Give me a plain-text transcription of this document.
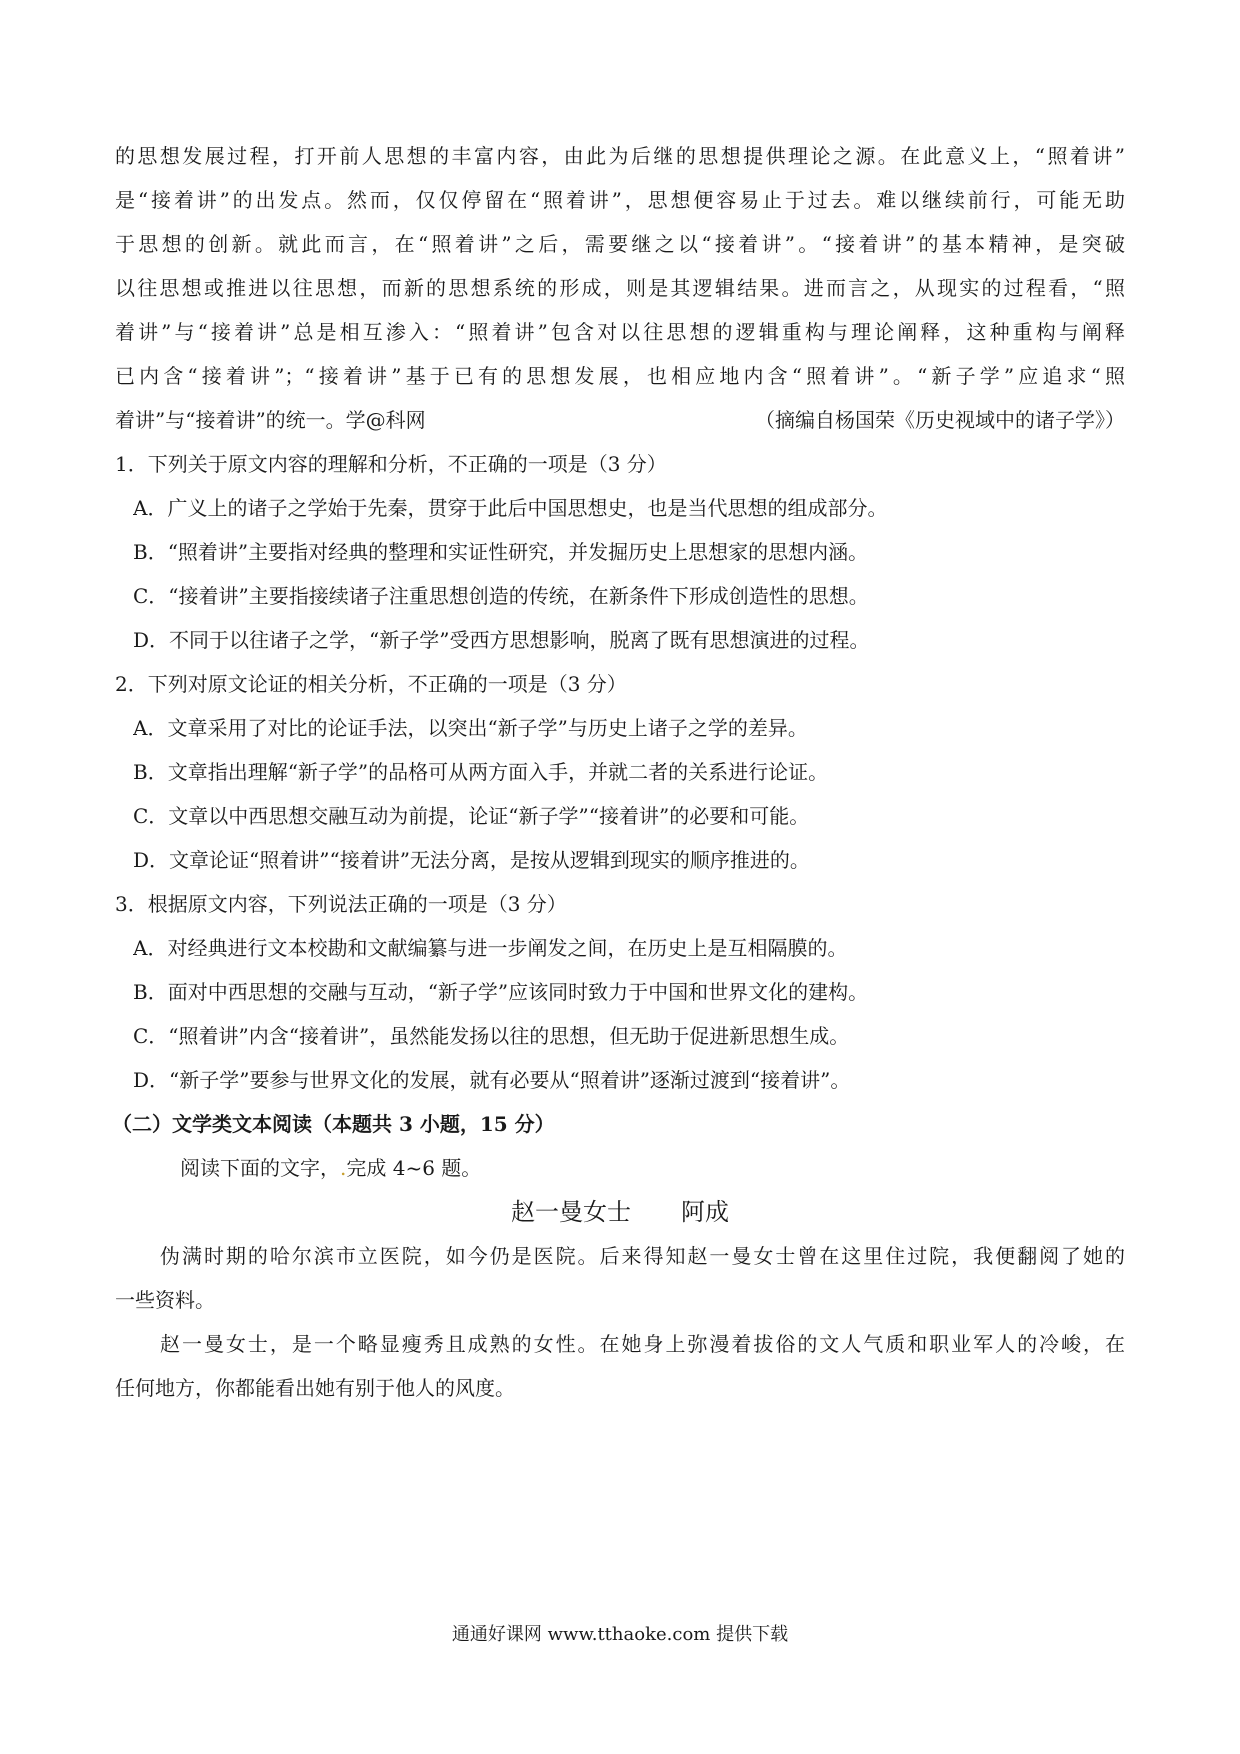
的思想发展过程，打开前人思想的丰富内容，由此为后继的思想提供理论之源。在此意义上，“照着讲”
是“接着讲”的出发点。然而，仅仅停留在“照着讲”，思想便容易止于过去。难以继续前行，可能无助
于思想的创新。就此而言，在“照着讲”之后，需要继之以“接着讲”。“接着讲”的基本精神，是突破
以往思想或推进以往思想，而新的思想系统的形成，则是其逻辑结果。进而言之，从现实的过程看，“照
着讲”与“接着讲”总是相互渗入：“照着讲”包含对以往思想的逻辑重构与理论阐释，这种重构与阐释
已内含“接着讲”；“接着讲”基于已有的思想发展，也相应地内含“照着讲”。“新子学”应追求“照
着讲”与“接着讲”的统一。学@科网	（摘编自杨国荣《历史视域中的诸子学》）
1．下列关于原文内容的理解和分析，不正确的一项是（3 分）
A．广义上的诸子之学始于先秦，贯穿于此后中国思想史，也是当代思想的组成部分。
B．“照着讲”主要指对经典的整理和实证性研究，并发掘历史上思想家的思想内涵。
C．“接着讲”主要指接续诸子注重思想创造的传统，在新条件下形成创造性的思想。
D．不同于以往诸子之学，“新子学”受西方思想影响，脱离了既有思想演进的过程。
2．下列对原文论证的相关分析，不正确的一项是（3 分）
A．文章采用了对比的论证手法，以突出“新子学”与历史上诸子之学的差异。
B．文章指出理解“新子学”的品格可从两方面入手，并就二者的关系进行论证。
C．文章以中西思想交融互动为前提，论证“新子学”“接着讲”的必要和可能。
D．文章论证“照着讲”“接着讲”无法分离，是按从逻辑到现实的顺序推进的。
3．根据原文内容，下列说法正确的一项是（3 分）
A．对经典进行文本校勘和文献编纂与进一步阐发之间，在历史上是互相隔膜的。
B．面对中西思想的交融与互动，“新子学”应该同时致力于中国和世界文化的建构。
C．“照着讲”内含“接着讲”，虽然能发扬以往的思想，但无助于促进新思想生成。
D．“新子学”要参与世界文化的发展，就有必要从“照着讲”逐渐过渡到“接着讲”。
（二）文学类文本阅读（本题共 3 小题，15 分）
阅读下面的文字，.完成 4~6 题。
赵一曼女士 阿成
伪满时期的哈尔滨市立医院，如今仍是医院。后来得知赵一曼女士曾在这里住过院，我便翻阅了她的
一些资料。
赵一曼女士，是一个略显瘦秀且成熟的女性。在她身上弥漫着拔俗的文人气质和职业军人的冷峻，在
任何地方，你都能看出她有别于他人的风度。
通通好课网 www.tthaoke.com 提供下载
